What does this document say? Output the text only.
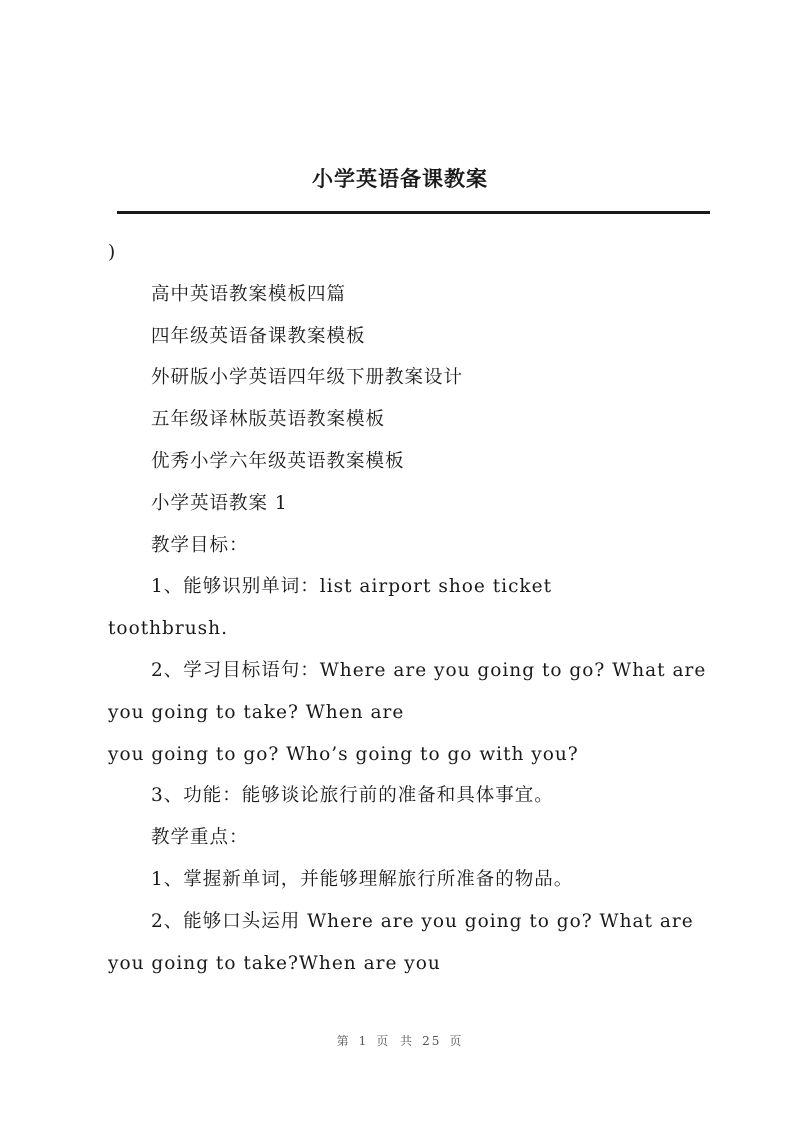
小学英语备课教案
)
高中英语教案模板四篇
四年级英语备课教案模板
外研版小学英语四年级下册教案设计
五年级译林版英语教案模板
优秀小学六年级英语教案模板
小学英语教案 1
教学目标：
1、能够识别单词：list airport shoe ticket
toothbrush.
2、学习目标语句：Where are you going to go? What are
you going to take? When are
you going to go? Who’s going to go with you?
3、功能：能够谈论旅行前的准备和具体事宜。
教学重点：
1、掌握新单词，并能够理解旅行所准备的物品。
2、能够口头运用 Where are you going to go? What are
you going to take?When are you
第 1 页 共 25 页
